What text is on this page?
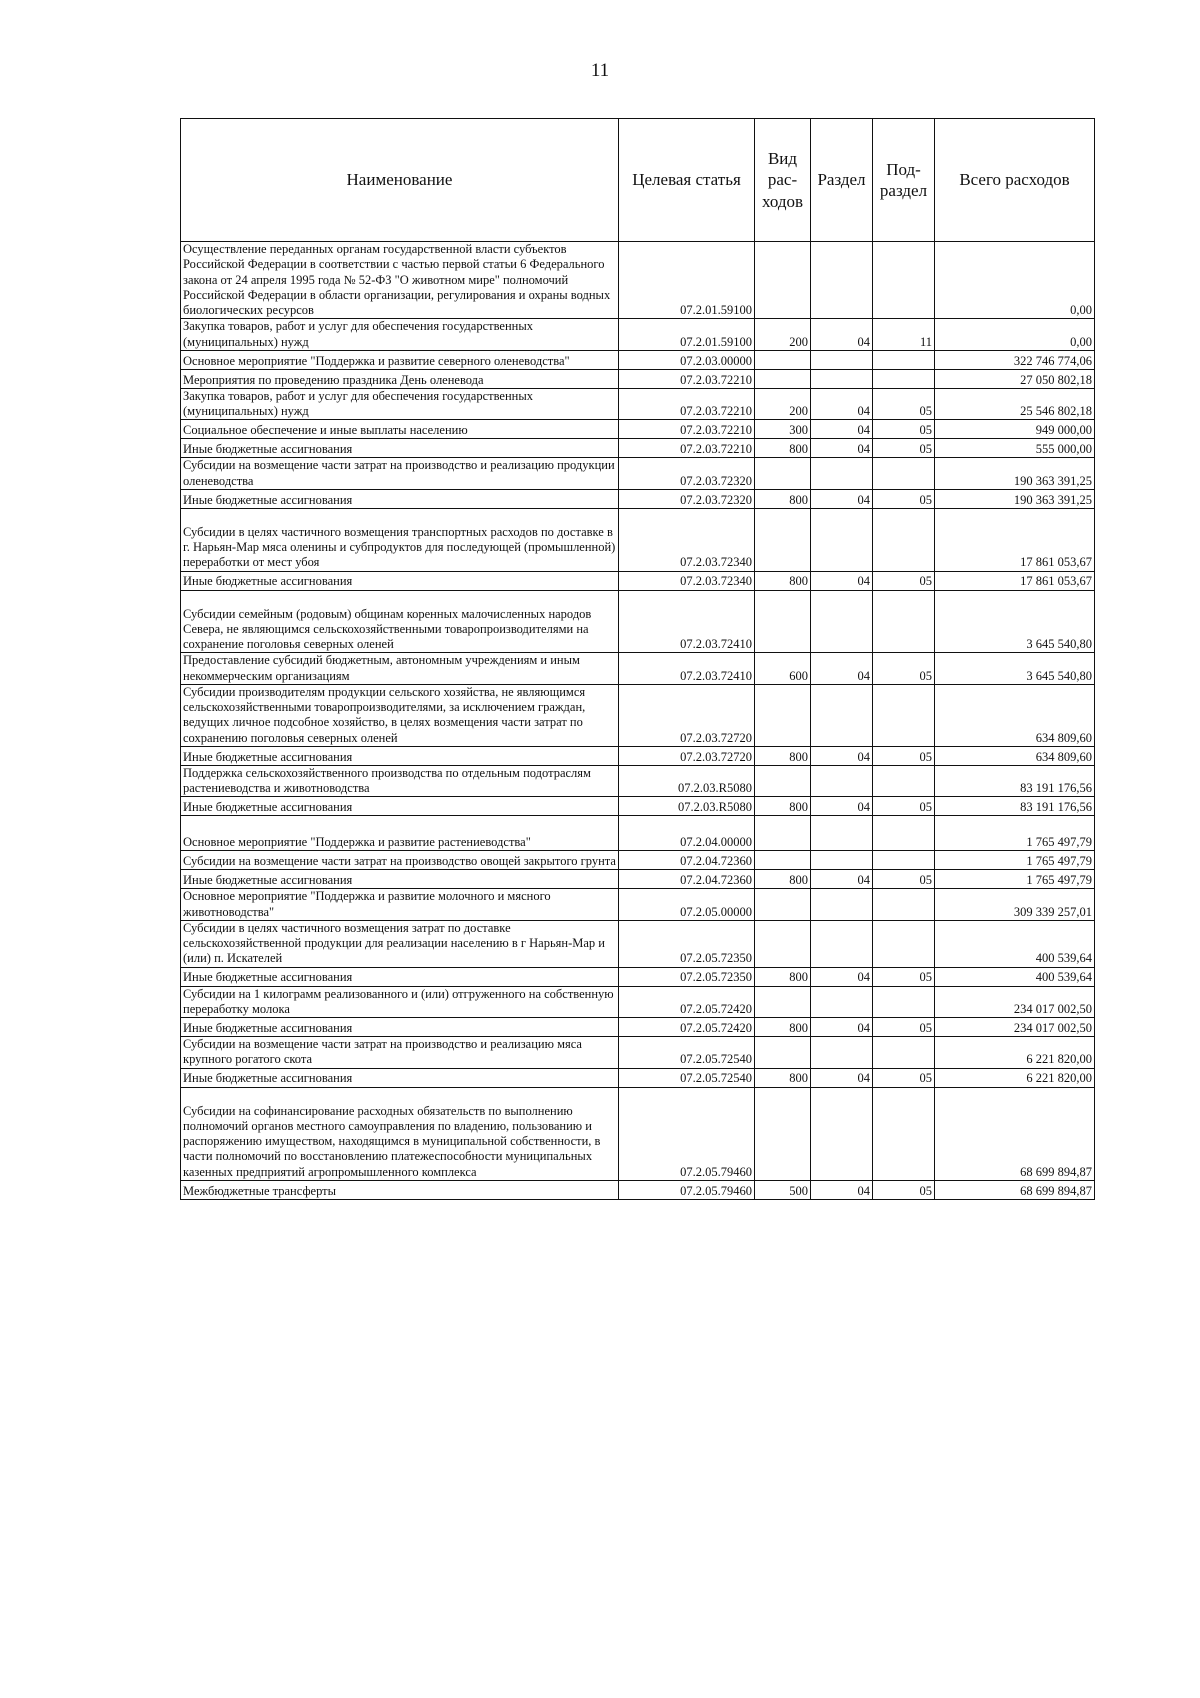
11
Наименование	Целевая статья	Вид рас-ходов	Раздел	Под-раздел	Всего расходов
Осуществление переданных органам государственной власти субъектов Российской Федерации в соответствии с частью первой статьи 6 Федерального закона от 24 апреля 1995 года № 52-ФЗ "О животном мире" полномочий Российской Федерации в области организации, регулирования и охраны водных биологических ресурсов	07.2.01.59100				0,00
Закупка товаров, работ и услуг для обеспечения государственных (муниципальных) нужд	07.2.01.59100	200	04	11	0,00
Основное мероприятие "Поддержка и развитие северного оленеводства"	07.2.03.00000				322 746 774,06
Мероприятия по проведению праздника День оленевода	07.2.03.72210				27 050 802,18
Закупка товаров, работ и услуг для обеспечения государственных (муниципальных) нужд	07.2.03.72210	200	04	05	25 546 802,18
Социальное обеспечение и иные выплаты населению	07.2.03.72210	300	04	05	949 000,00
Иные бюджетные ассигнования	07.2.03.72210	800	04	05	555 000,00
Субсидии на возмещение части затрат на производство и реализацию продукции оленеводства	07.2.03.72320				190 363 391,25
Иные бюджетные ассигнования	07.2.03.72320	800	04	05	190 363 391,25
Субсидии в целях частичного возмещения транспортных расходов по доставке в г. Нарьян-Мар мяса оленины и субпродуктов для последующей (промышленной) переработки от мест убоя	07.2.03.72340				17 861 053,67
Иные бюджетные ассигнования	07.2.03.72340	800	04	05	17 861 053,67
Субсидии семейным (родовым) общинам коренных малочисленных народов Севера, не являющимся сельскохозяйственными товаропроизводителями на сохранение поголовья северных оленей	07.2.03.72410				3 645 540,80
Предоставление субсидий бюджетным, автономным учреждениям и иным некоммерческим организациям	07.2.03.72410	600	04	05	3 645 540,80
Субсидии производителям продукции сельского хозяйства, не являющимся сельскохозяйственными товаропроизводителями, за исключением граждан, ведущих личное подсобное хозяйство, в целях возмещения части затрат по сохранению поголовья северных оленей	07.2.03.72720				634 809,60
Иные бюджетные ассигнования	07.2.03.72720	800	04	05	634 809,60
Поддержка сельскохозяйственного производства по отдельным подотраслям растениеводства и животноводства	07.2.03.R5080				83 191 176,56
Иные бюджетные ассигнования	07.2.03.R5080	800	04	05	83 191 176,56
Основное мероприятие "Поддержка и развитие растениеводства"	07.2.04.00000				1 765 497,79
Субсидии на возмещение части затрат на производство овощей закрытого грунта	07.2.04.72360				1 765 497,79
Иные бюджетные ассигнования	07.2.04.72360	800	04	05	1 765 497,79
Основное мероприятие "Поддержка и развитие молочного и мясного животноводства"	07.2.05.00000				309 339 257,01
Субсидии в целях частичного возмещения затрат по доставке сельскохозяйственной продукции для реализации населению в г Нарьян-Мар и (или) п. Искателей	07.2.05.72350				400 539,64
Иные бюджетные ассигнования	07.2.05.72350	800	04	05	400 539,64
Субсидии на 1 килограмм реализованного и (или) отгруженного на собственную переработку молока	07.2.05.72420				234 017 002,50
Иные бюджетные ассигнования	07.2.05.72420	800	04	05	234 017 002,50
Субсидии на возмещение части затрат на производство и реализацию мяса крупного рогатого скота	07.2.05.72540				6 221 820,00
Иные бюджетные ассигнования	07.2.05.72540	800	04	05	6 221 820,00
Субсидии на софинансирование расходных обязательств по выполнению полномочий органов местного самоуправления по владению, пользованию и распоряжению имуществом, находящимся в муниципальной собственности, в части полномочий по восстановлению платежеспособности муниципальных казенных предприятий агропромышленного комплекса	07.2.05.79460				68 699 894,87
Межбюджетные трансферты	07.2.05.79460	500	04	05	68 699 894,87
